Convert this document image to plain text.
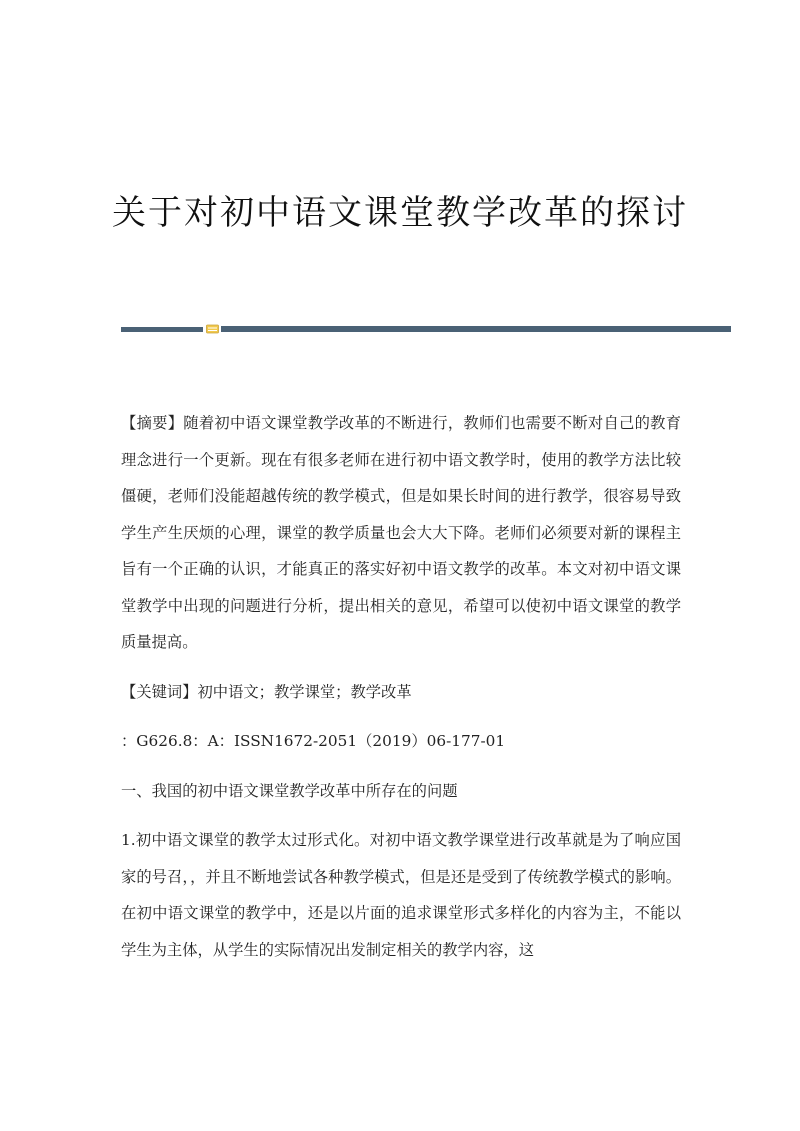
关于对初中语文课堂教学改革的探讨

【摘要】随着初中语文课堂教学改革的不断进行，教师们也需要不断对自己的教育理念进行一个更新。现在有很多老师在进行初中语文教学时，使用的教学方法比较僵硬，老师们没能超越传统的教学模式，但是如果长时间的进行教学，很容易导致学生产生厌烦的心理，课堂的教学质量也会大大下降。老师们必须要对新的课程主旨有一个正确的认识，才能真正的落实好初中语文教学的改革。本文对初中语文课堂教学中出现的问题进行分析，提出相关的意见，希望可以使初中语文课堂的教学质量提高。

【关键词】初中语文；教学课堂；教学改革

：G626.8：A：ISSN1672-2051（2019）06-177-01

一、我国的初中语文课堂教学改革中所存在的问题

1.初中语文课堂的教学太过形式化。对初中语文教学课堂进行改革就是为了响应国家的号召，，并且不断地尝试各种教学模式，但是还是受到了传统教学模式的影响。在初中语文课堂的教学中，还是以片面的追求课堂形式多样化的内容为主，不能以学生为主体，从学生的实际情况出发制定相关的教学内容，这
